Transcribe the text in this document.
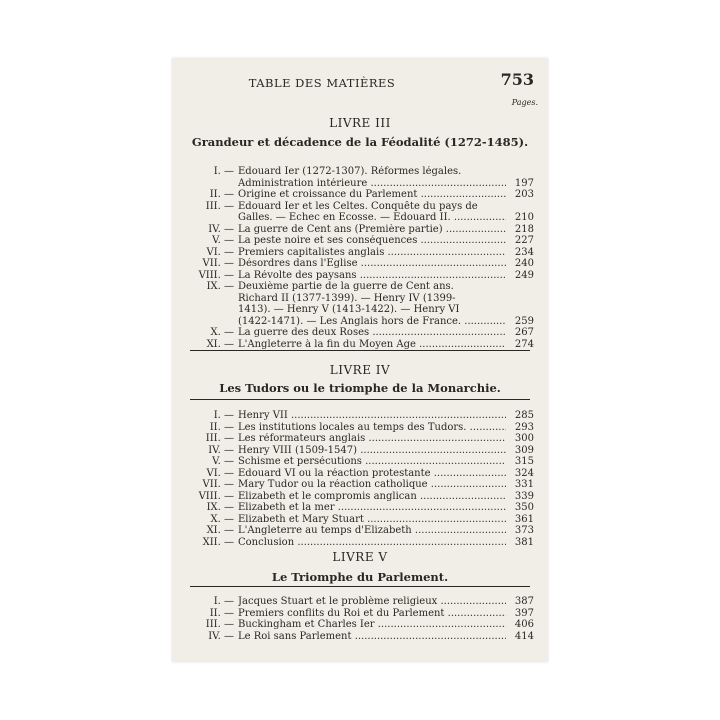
TABLE DES MATIÈRES	753
Pages.
LIVRE III
Grandeur et décadence de la Féodalité (1272-1485).
I. — Edouard Ier (1272-1307). Réformes légales.
Administration intérieure .....	197
II. — Origine et croissance du Parlement .....	203
III. — Edouard Ier et les Celtes. Conquête du pays de
Galles. — Echec en Ecosse. — Edouard II. .....	210
IV. — La guerre de Cent ans (Première partie) .....	218
V. — La peste noire et ses conséquences .....	227
VI. — Premiers capitalistes anglais .....	234
VII. — Désordres dans l'Eglise .....	240
VIII. — La Révolte des paysans .....	249
IX. — Deuxième partie de la guerre de Cent ans.
Richard II (1377-1399). — Henry IV (1399-
1413). — Henry V (1413-1422). — Henry VI
(1422-1471). — Les Anglais hors de France. .....	259
X. — La guerre des deux Roses .....	267
XI. — L'Angleterre à la fin du Moyen Age .....	274
LIVRE IV
Les Tudors ou le triomphe de la Monarchie.
I. — Henry VII .....	285
II. — Les institutions locales au temps des Tudors. .....	293
III. — Les réformateurs anglais .....	300
IV. — Henry VIII (1509-1547) .....	309
V. — Schisme et persécutions .....	315
VI. — Edouard VI ou la réaction protestante .....	324
VII. — Mary Tudor ou la réaction catholique .....	331
VIII. — Elizabeth et le compromis anglican .....	339
IX. — Elizabeth et la mer .....	350
X. — Elizabeth et Mary Stuart .....	361
XI. — L'Angleterre au temps d'Elizabeth .....	373
XII. — Conclusion .....	381
LIVRE V
Le Triomphe du Parlement.
I. — Jacques Stuart et le problème religieux .....	387
II. — Premiers conflits du Roi et du Parlement .....	397
III. — Buckingham et Charles Ier .....	406
IV. — Le Roi sans Parlement .....	414
